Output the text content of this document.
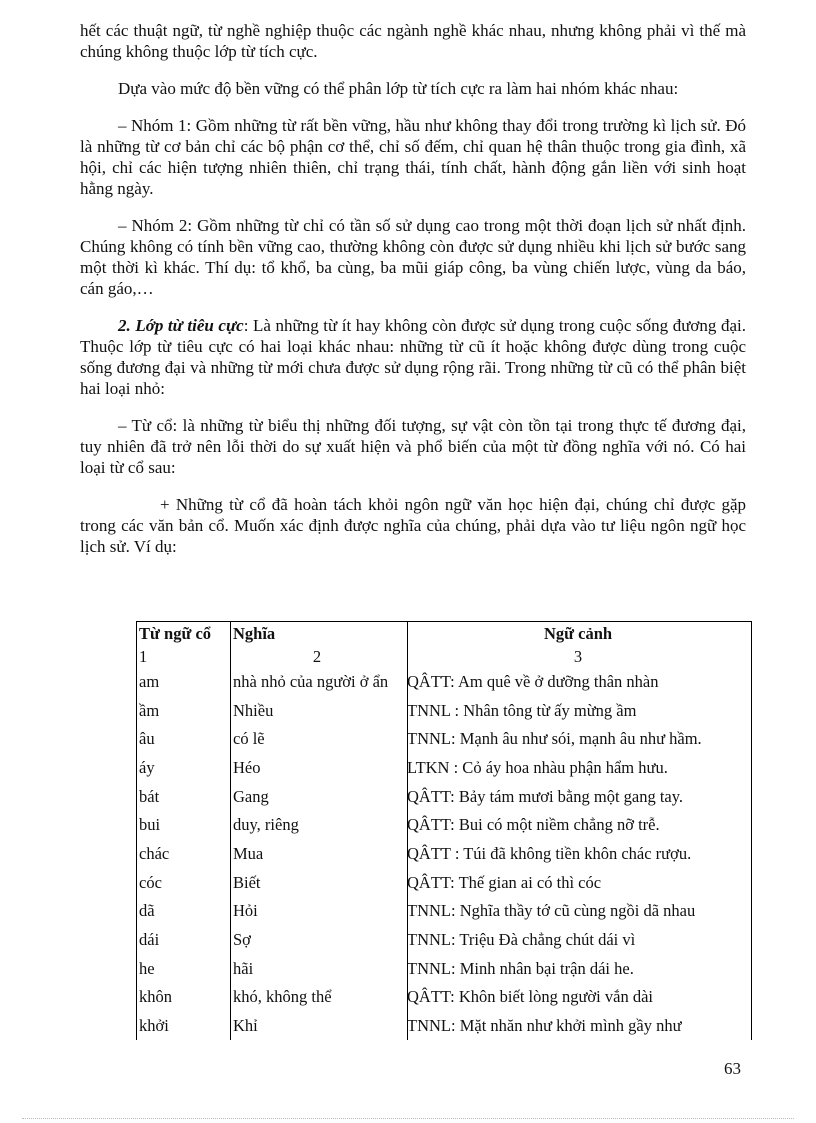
hết các thuật ngữ, từ nghề nghiệp thuộc các ngành nghề khác nhau, nhưng không phải vì thế mà chúng không thuộc lớp từ tích cực.

Dựa vào mức độ bền vững có thể phân lớp từ tích cực ra làm hai nhóm khác nhau:

– Nhóm 1: Gồm những từ rất bền vững, hầu như không thay đổi trong trường kì lịch sử. Đó là những từ cơ bản chỉ các bộ phận cơ thể, chỉ số đếm, chỉ quan hệ thân thuộc trong gia đình, xã hội, chỉ các hiện tượng nhiên thiên, chỉ trạng thái, tính chất, hành động gắn liền với sinh hoạt hằng ngày.

– Nhóm 2: Gồm những từ chỉ có tần số sử dụng cao trong một thời đoạn lịch sử nhất định. Chúng không có tính bền vững cao, thường không còn được sử dụng nhiều khi lịch sử bước sang một thời kì khác. Thí dụ: tổ khổ, ba cùng, ba mũi giáp công, ba vùng chiến lược, vùng da báo, cán gáo,…

2. Lớp từ tiêu cực: Là những từ ít hay không còn được sử dụng trong cuộc sống đương đại. Thuộc lớp từ tiêu cực có hai loại khác nhau: những từ cũ ít hoặc không được dùng trong cuộc sống đương đại và những từ mới chưa được sử dụng rộng rãi. Trong những từ cũ có thể phân biệt hai loại nhỏ:

– Từ cổ: là những từ biểu thị những đối tượng, sự vật còn tồn tại trong thực tế đương đại, tuy nhiên đã trở nên lỗi thời do sự xuất hiện và phổ biến của một từ đồng nghĩa với nó. Có hai loại từ cổ sau:

+ Những từ cổ đã hoàn tách khỏi ngôn ngữ văn học hiện đại, chúng chỉ được gặp trong các văn bản cổ. Muốn xác định được nghĩa của chúng, phải dựa vào tư liệu ngôn ngữ học lịch sử. Ví dụ:

Từ ngữ cổ	Nghĩa	Ngữ cảnh
1	2	3
am	nhà nhỏ của người ở ẩn	QÂTT: Am quê về ở dưỡng thân nhàn
ầm	Nhiều	TNNL : Nhân tông từ ấy mừng ầm
âu	có lẽ	TNNL: Mạnh âu như sói, mạnh âu như hầm.
áy	Héo	LTKN : Cỏ áy hoa nhàu phận hẩm hưu.
bát	Gang	QÂTT: Bảy tám mươi bằng một gang tay.
bui	duy, riêng	QÂTT: Bui có một niềm chẳng nỡ trễ.
chác	Mua	QÂTT : Túi đã không tiền khôn chác rượu.
cóc	Biết	QÂTT: Thế gian ai có thì cóc
dã	Hỏi	TNNL: Nghĩa thầy tớ cũ cùng ngồi dã nhau
dái	Sợ	TNNL: Triệu Đà chẳng chút dái vì
he	hãi	TNNL: Minh nhân bại trận dái he.
khôn	khó, không thể	QÂTT: Khôn biết lòng người vắn dài
khởi	Khỉ	TNNL: Mặt nhăn như khởi mình gầy như
63
